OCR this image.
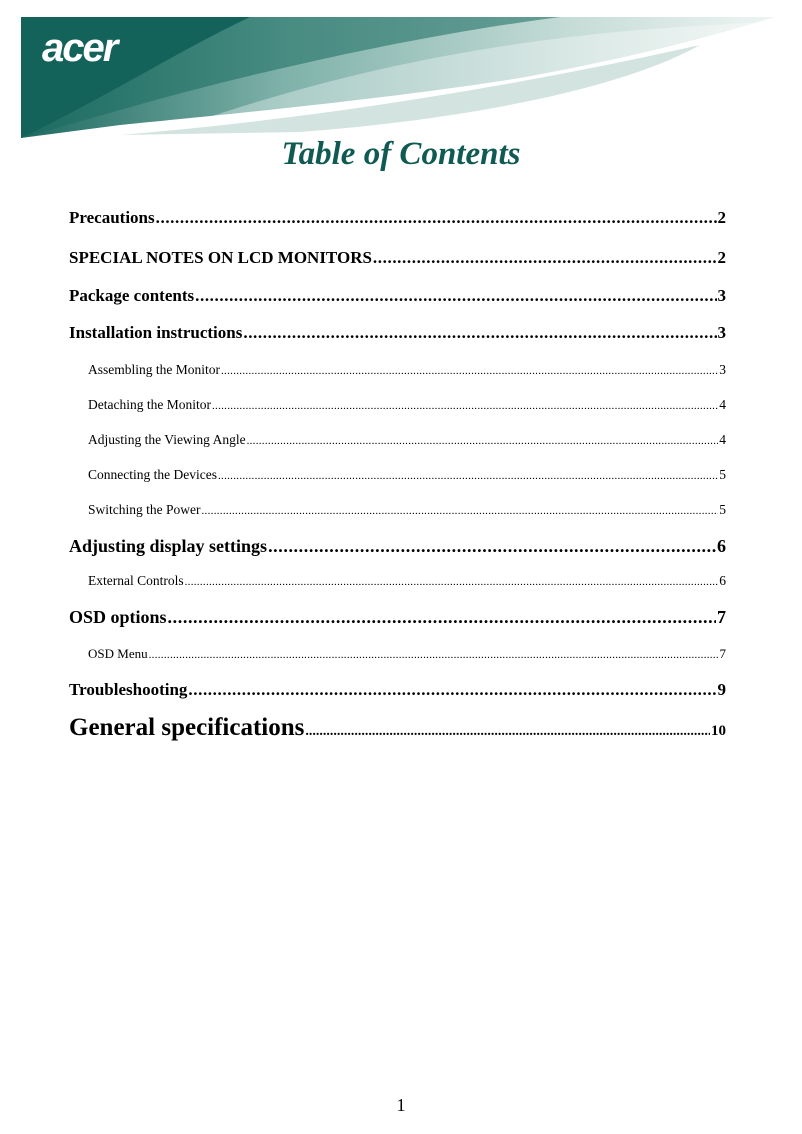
acer
Table of Contents
Precautions .....	2
SPECIAL NOTES ON LCD MONITORS .....	2
Package contents .....	3
Installation instructions .....	3
Assembling the Monitor .....	3
Detaching the Monitor .....	4
Adjusting the Viewing Angle .....	4
Connecting the Devices .....	5
Switching the Power .....	5
Adjusting display settings .....	6
External Controls .....	6
OSD options .....	7
OSD Menu .....	7
Troubleshooting .....	9
General specifications .....	10
1
